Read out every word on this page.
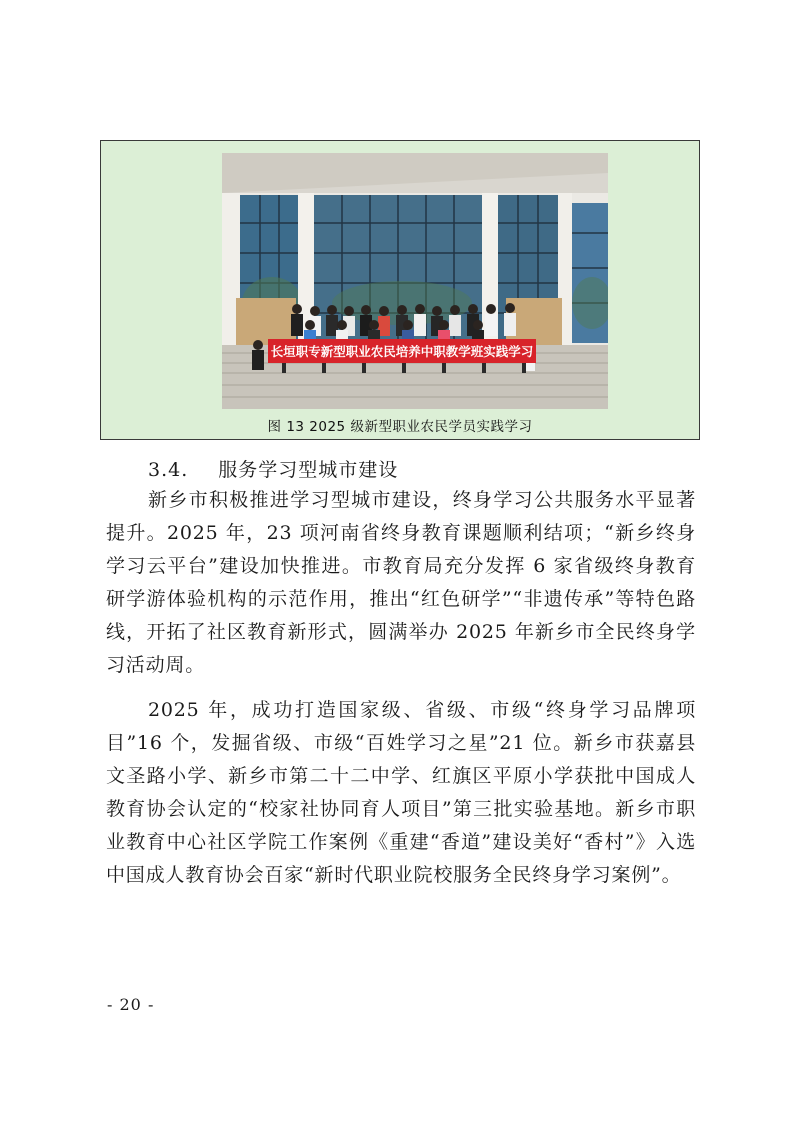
长垣职专新型职业农民培养中职教学班实践学习
图 13 2025 级新型职业农民学员实践学习
3.4. 服务学习型城市建设

新乡市积极推进学习型城市建设，终身学习公共服务水平显著提升。2025 年，23 项河南省终身教育课题顺利结项；“新乡终身学习云平台”建设加快推进。市教育局充分发挥 6 家省级终身教育研学游体验机构的示范作用，推出“红色研学”“非遗传承”等特色路线，开拓了社区教育新形式，圆满举办 2025 年新乡市全民终身学习活动周。

2025 年，成功打造国家级、省级、市级“终身学习品牌项目”16 个，发掘省级、市级“百姓学习之星”21 位。新乡市获嘉县文圣路小学、新乡市第二十二中学、红旗区平原小学获批中国成人教育协会认定的“校家社协同育人项目”第三批实验基地。新乡市职业教育中心社区学院工作案例《重建“香道”建设美好“香村”》入选中国成人教育协会百家“新时代职业院校服务全民终身学习案例”。

- 20 -
